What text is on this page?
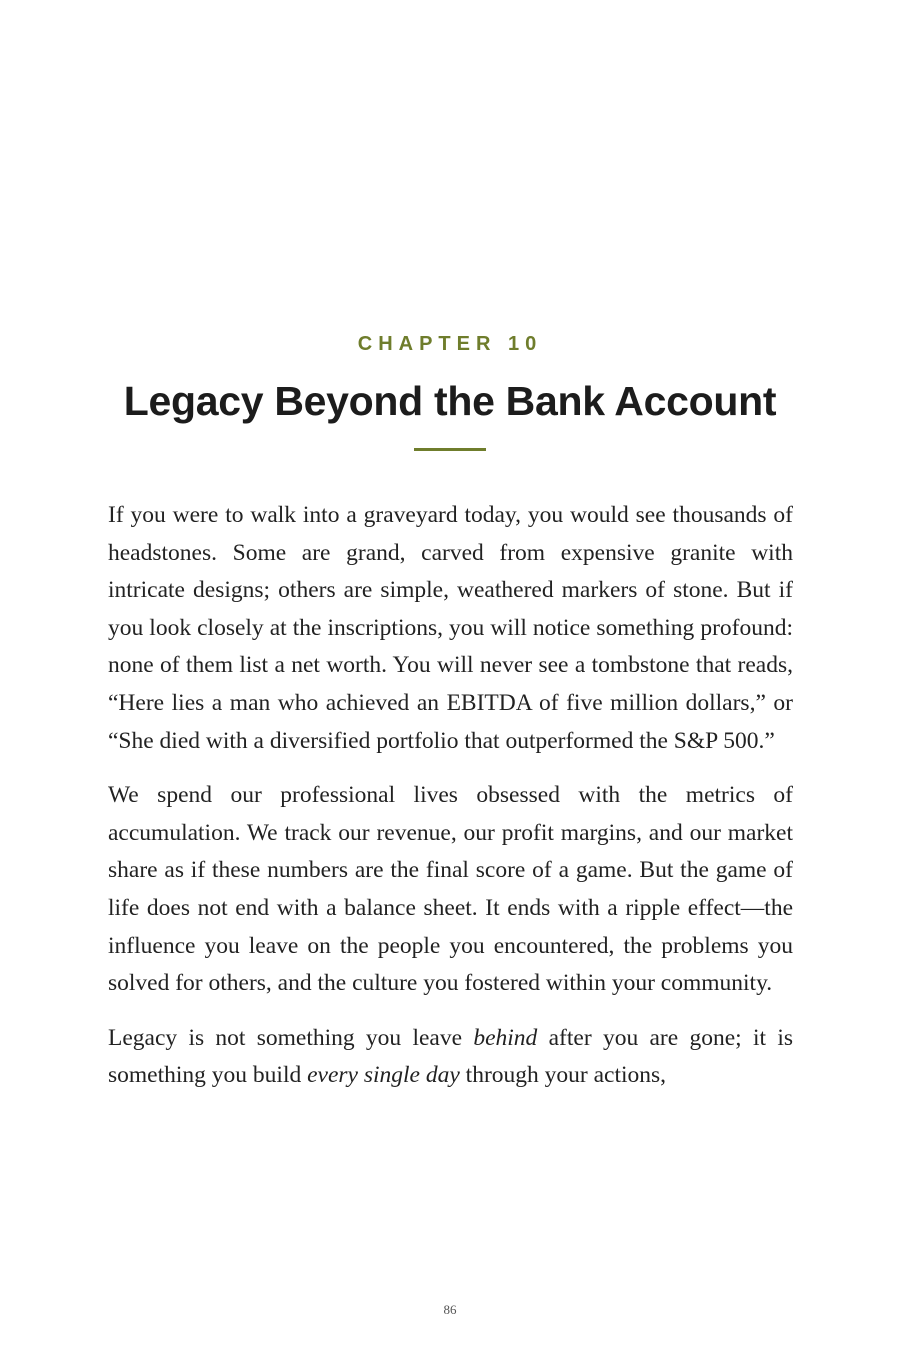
CHAPTER 10
Legacy Beyond the Bank Account

If you were to walk into a graveyard today, you would see thousands of headstones. Some are grand, carved from expensive granite with intricate designs; others are simple, weathered markers of stone. But if you look closely at the inscriptions, you will notice something profound: none of them list a net worth. You will never see a tombstone that reads, “Here lies a man who achieved an EBITDA of five million dollars,” or “She died with a diversified portfolio that outperformed the S&P 500.”

We spend our professional lives obsessed with the metrics of accumulation. We track our revenue, our profit margins, and our market share as if these numbers are the final score of a game. But the game of life does not end with a balance sheet. It ends with a ripple effect—the influence you leave on the people you encountered, the problems you solved for others, and the culture you fostered within your community.

Legacy is not something you leave behind after you are gone; it is something you build every single day through your actions,

86
